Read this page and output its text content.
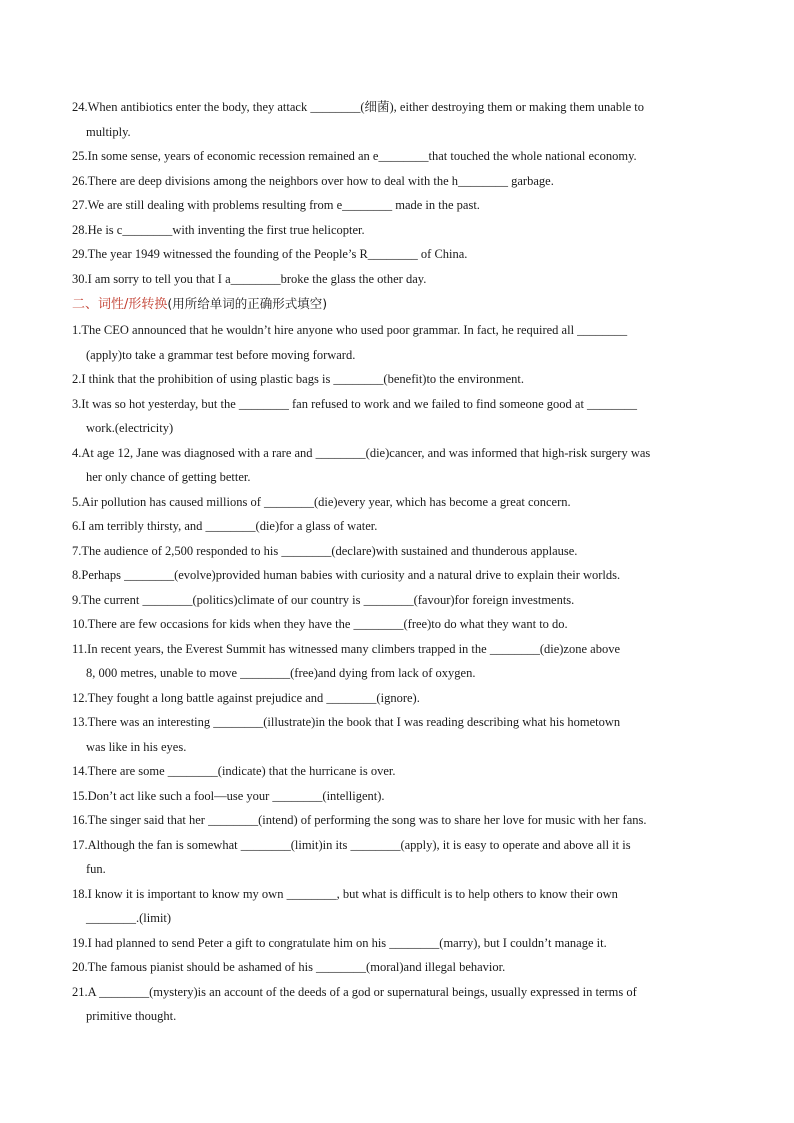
24.When antibiotics enter the body, they attack ________(细菌), either destroying them or making them unable to
multiply.
25.In some sense, years of economic recession remained an e________that touched the whole national economy.
26.There are deep divisions among the neighbors over how to deal with the h________ garbage.
27.We are still dealing with problems resulting from e________ made in the past.
28.He is c________with inventing the first true helicopter.
29.The year 1949 witnessed the founding of the People’s R________ of China.
30.I am sorry to tell you that I a________broke the glass the other day.
二、词性/形转换(用所给单词的正确形式填空)
1.The CEO announced that he wouldn’t hire anyone who used poor grammar. In fact, he required all ________
(apply)to take a grammar test before moving forward.
2.I think that the prohibition of using plastic bags is ________(benefit)to the environment.
3.It was so hot yesterday, but the ________ fan refused to work and we failed to find someone good at ________
work.(electricity)
4.At age 12, Jane was diagnosed with a rare and ________(die)cancer, and was informed that high-risk surgery was
her only chance of getting better.
5.Air pollution has caused millions of ________(die)every year, which has become a great concern.
6.I am terribly thirsty, and ________(die)for a glass of water.
7.The audience of 2,500 responded to his ________(declare)with sustained and thunderous applause.
8.Perhaps ________(evolve)provided human babies with curiosity and a natural drive to explain their worlds.
9.The current ________(politics)climate of our country is ________(favour)for foreign investments.
10.There are few occasions for kids when they have the ________(free)to do what they want to do.
11.In recent years, the Everest Summit has witnessed many climbers trapped in the ________(die)zone above
8, 000 metres, unable to move ________(free)and dying from lack of oxygen.
12.They fought a long battle against prejudice and ________(ignore).
13.There was an interesting ________(illustrate)in the book that I was reading describing what his hometown
was like in his eyes.
14.There are some ________(indicate) that the hurricane is over.
15.Don’t act like such a fool—use your ________(intelligent).
16.The singer said that her ________(intend) of performing the song was to share her love for music with her fans.
17.Although the fan is somewhat ________(limit)in its ________(apply), it is easy to operate and above all it is
fun.
18.I know it is important to know my own ________, but what is difficult is to help others to know their own
________.(limit)
19.I had planned to send Peter a gift to congratulate him on his ________(marry), but I couldn’t manage it.
20.The famous pianist should be ashamed of his ________(moral)and illegal behavior.
21.A ________(mystery)is an account of the deeds of a god or supernatural beings, usually expressed in terms of
primitive thought.
